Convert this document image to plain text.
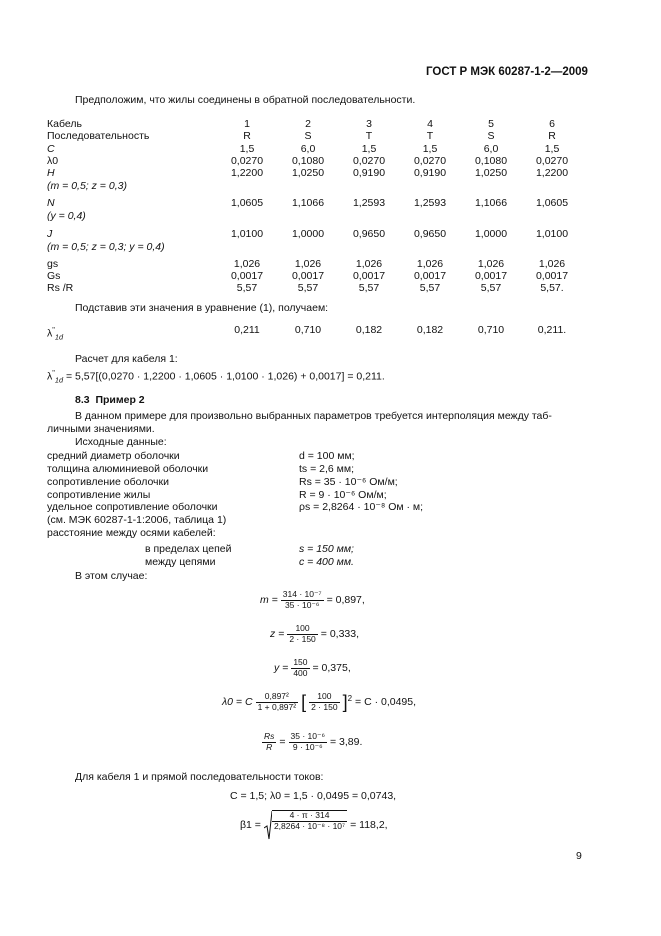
ГОСТ Р МЭК 60287-1-2—2009
Предположим, что жилы соединены в обратной последовательности.
Кабель	1	2	3	4	5	6
Последовательность	R	S	T	T	S	R
C	1,5	6,0	1,5	1,5	6,0	1,5
λ0	0,0270	0,1080	0,0270	0,0270	0,1080	0,0270
H	1,2200	1,0250	0,9190	0,9190	1,0250	1,2200
(m = 0,5; z = 0,3)
N	1,0605	1,1066	1,2593	1,2593	1,1066	1,0605
(y = 0,4)
J	1,0100	1,0000	0,9650	0,9650	1,0000	1,0100
(m = 0,5; z = 0,3; y = 0,4)
gs	1,026	1,026	1,026	1,026	1,026	1,026
Gs	0,0017	0,0017	0,0017	0,0017	0,0017	0,0017
Rs /R	5,57	5,57	5,57	5,57	5,57	5,57.
Подставив эти значения в уравнение (1), получаем:
$\lambda^"_{1d}$
0,211	0,710	0,182	0,182	0,710	0,211.
Расчет для кабеля 1:
$\lambda^"_{1d} = 5,57[(0,0270 \cdot 1,2200 \cdot 1,0605 \cdot 1,0100 \cdot 1,026) + 0,0017] = 0,211$.
8.3 Пример 2
В данном примере для произвольно выбранных параметров требуется интерполяция между таб-
личными значениями.
Исходные данные:
средний диаметр оболочки	d = 100 мм;
толщина алюминиевой оболочки	ts = 2,6 мм;
сопротивление оболочки	Rs = 35 · 10⁻⁶ Ом/м;
сопротивление жилы	R = 9 · 10⁻⁶ Ом/м;
удельное сопротивление оболочки	ρs = 2,8264 · 10⁻⁸ Ом · м;
(см. МЭК 60287-1-1:2006, таблица 1)
расстояние между осями кабелей:
в пределах цепей	s = 150 мм;
между цепями	c = 400 мм.
В этом случае:
$m = \frac{\text{314 · 10⁻⁷}}{\text{35 · 10⁻⁶}} = 0,897$,
$z = \frac{100}{2 \cdot 150} = 0,333$,
$y = \frac{150}{400} = 0,375$,
λ0 = C $\frac{\text{0,897²}}{\text{1 + 0,897²}}$ [ $\frac{100}{2 \cdot 150} ]^2 = C \cdot 0,0495$,
$\frac{Rs}{R} = \frac{\text{35 · 10⁻⁶}}{\text{9 · 10⁻⁶}} = 3,89$.
Для кабеля 1 и прямой последовательности токов:
C = 1,5; λ0 = 1,5 · 0,0495 = 0,0743,
$\beta 1 = \frac{4 \cdot \pi \cdot 314}{\text{2,8264 · 10⁻⁸ · 10⁷}} = 118,2$,
9
